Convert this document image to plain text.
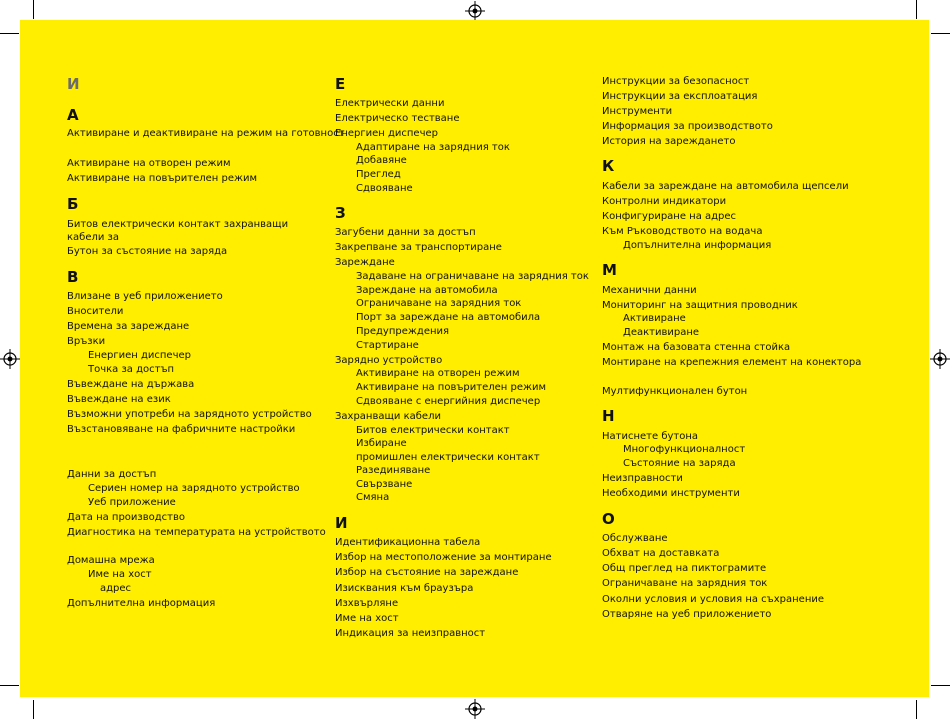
И
А
Активиране и деактивиране на режим на готовност
Активиране на отворен режим
Активиране на повърителен режим
Б
Битов електрически контакт захранващи кабели за
Бутон за състояние на заряда
В
Влизане в уеб приложението
Вносители
Времена за зареждане
Връзки
Енергиен диспечер
Точка за достъп
Въвеждане на държава
Въвеждане на език
Възможни употреби на зарядното устройство
Възстановяване на фабричните настройки
Данни за достъп
Сериен номер на зарядното устройство
Уеб приложение
Дата на производство
Диагностика на температурата на устройството
Домашна мрежа
Име на хост
адрес
Допълнителна информация
Е
Електрически данни
Електрическо тестване
Енергиен диспечер
Адаптиране на зарядния ток
Добавяне
Преглед
Сдвояване
З
Загубени данни за достъп
Закрепване за транспортиране
Зареждане
Задаване на ограничаване на зарядния ток
Зареждане на автомобила
Ограничаване на зарядния ток
Порт за зареждане на автомобила
Предупреждения
Стартиране
Зарядно устройство
Активиране на отворен режим
Активиране на повърителен режим
Сдвояване с енергийния диспечер
Захранващи кабели
Битов електрически контакт
Избиране
промишлен електрически контакт
Разединяване
Свързване
Смяна
И
Идентификационна табела
Избор на местоположение за монтиране
Избор на състояние на зареждане
Изисквания към браузъра
Изхвърляне
Име на хост
Индикация за неизправност
Инструкции за безопасност
Инструкции за експлоатация
Инструменти
Информация за производството
История на зареждането
К
Кабели за зареждане на автомобила щепсели
Контролни индикатори
Конфигуриране на адрес
Към Ръководството на водача
Допълнителна информация
М
Механични данни
Мониторинг на защитния проводник
Активиране
Деактивиране
Монтаж на базовата стенна стойка
Монтиране на крепежния елемент на конектора
Мултифункционален бутон
Н
Натиснете бутона
Многофункционалност
Състояние на заряда
Неизправности
Необходими инструменти
О
Обслужване
Обхват на доставката
Общ преглед на пиктограмите
Ограничаване на зарядния ток
Околни условия и условия на съхранение
Отваряне на уеб приложението
